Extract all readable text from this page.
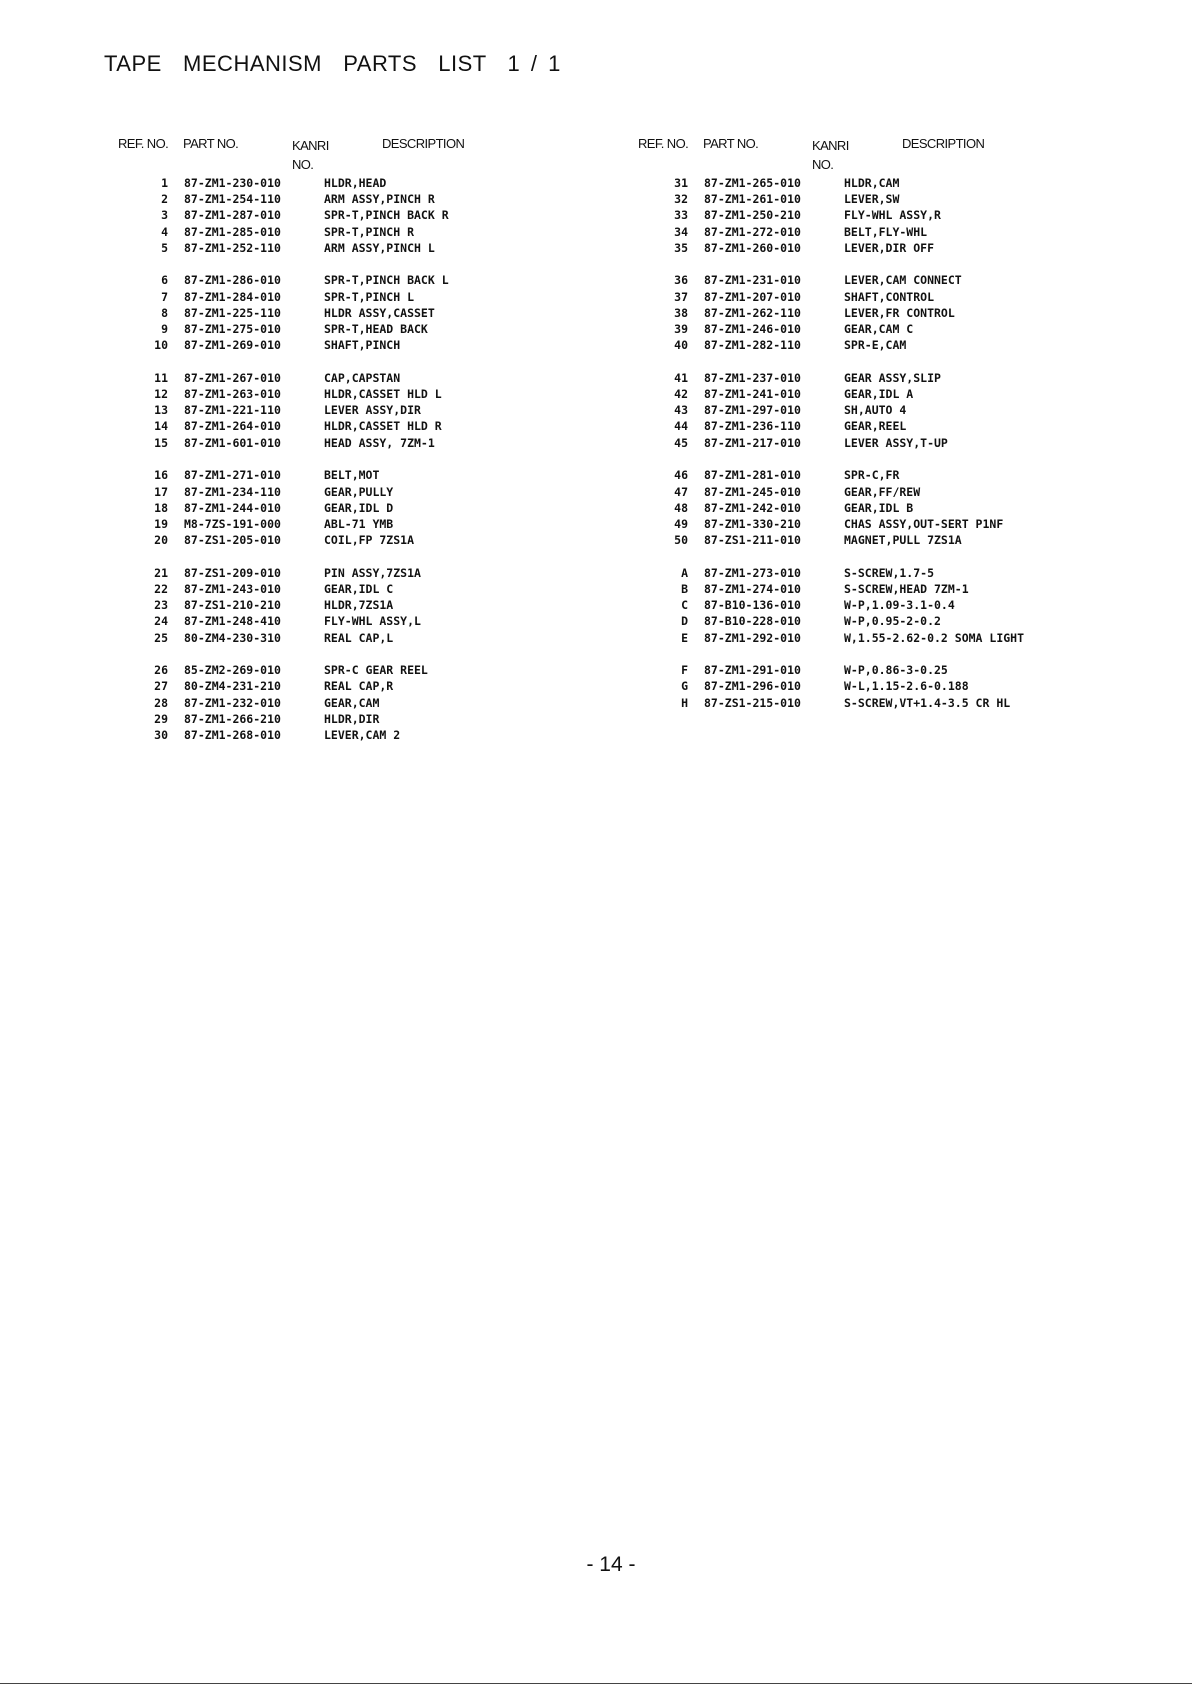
TAPE  MECHANISM  PARTS  LIST  1 / 1
REF. NO. PART NO.	KANRI
NO.
DESCRIPTION
1 87-ZM1-230-010	HLDR,HEAD
2 87-ZM1-254-110	ARM ASSY,PINCH R
3 87-ZM1-287-010	SPR-T,PINCH BACK R
4 87-ZM1-285-010	SPR-T,PINCH R
5 87-ZM1-252-110	ARM ASSY,PINCH L
6 87-ZM1-286-010	SPR-T,PINCH BACK L
7 87-ZM1-284-010	SPR-T,PINCH L
8 87-ZM1-225-110	HLDR ASSY,CASSET
9 87-ZM1-275-010	SPR-T,HEAD BACK
10 87-ZM1-269-010	SHAFT,PINCH
11 87-ZM1-267-010	CAP,CAPSTAN
12 87-ZM1-263-010	HLDR,CASSET HLD L
13 87-ZM1-221-110	LEVER ASSY,DIR
14 87-ZM1-264-010	HLDR,CASSET HLD R
15 87-ZM1-601-010	HEAD ASSY, 7ZM-1
16 87-ZM1-271-010	BELT,MOT
17 87-ZM1-234-110	GEAR,PULLY
18 87-ZM1-244-010	GEAR,IDL D
19 M8-7ZS-191-000	ABL-71 YMB
20 87-ZS1-205-010	COIL,FP 7ZS1A
21 87-ZS1-209-010	PIN ASSY,7ZS1A
22 87-ZM1-243-010	GEAR,IDL C
23 87-ZS1-210-210	HLDR,7ZS1A
24 87-ZM1-248-410	FLY-WHL ASSY,L
25 80-ZM4-230-310	REAL CAP,L
26 85-ZM2-269-010	SPR-C GEAR REEL
27 80-ZM4-231-210	REAL CAP,R
28 87-ZM1-232-010	GEAR,CAM
29 87-ZM1-266-210	HLDR,DIR
30 87-ZM1-268-010	LEVER,CAM 2
REF. NO. PART NO.	KANRI
NO.
DESCRIPTION
31 87-ZM1-265-010	HLDR,CAM
32 87-ZM1-261-010	LEVER,SW
33 87-ZM1-250-210	FLY-WHL ASSY,R
34 87-ZM1-272-010	BELT,FLY-WHL
35 87-ZM1-260-010	LEVER,DIR OFF
36 87-ZM1-231-010	LEVER,CAM CONNECT
37 87-ZM1-207-010	SHAFT,CONTROL
38 87-ZM1-262-110	LEVER,FR CONTROL
39 87-ZM1-246-010	GEAR,CAM C
40 87-ZM1-282-110	SPR-E,CAM
41 87-ZM1-237-010	GEAR ASSY,SLIP
42 87-ZM1-241-010	GEAR,IDL A
43 87-ZM1-297-010	SH,AUTO 4
44 87-ZM1-236-110	GEAR,REEL
45 87-ZM1-217-010	LEVER ASSY,T-UP
46 87-ZM1-281-010	SPR-C,FR
47 87-ZM1-245-010	GEAR,FF/REW
48 87-ZM1-242-010	GEAR,IDL B
49 87-ZM1-330-210	CHAS ASSY,OUT-SERT P1NF
50 87-ZS1-211-010	MAGNET,PULL 7ZS1A
A 87-ZM1-273-010	S-SCREW,1.7-5
B 87-ZM1-274-010	S-SCREW,HEAD 7ZM-1
C 87-B10-136-010	W-P,1.09-3.1-0.4
D 87-B10-228-010	W-P,0.95-2-0.2
E 87-ZM1-292-010	W,1.55-2.62-0.2 SOMA LIGHT
F 87-ZM1-291-010	W-P,0.86-3-0.25
G 87-ZM1-296-010	W-L,1.15-2.6-0.188
H 87-ZS1-215-010	S-SCREW,VT+1.4-3.5 CR HL
- 14 -
